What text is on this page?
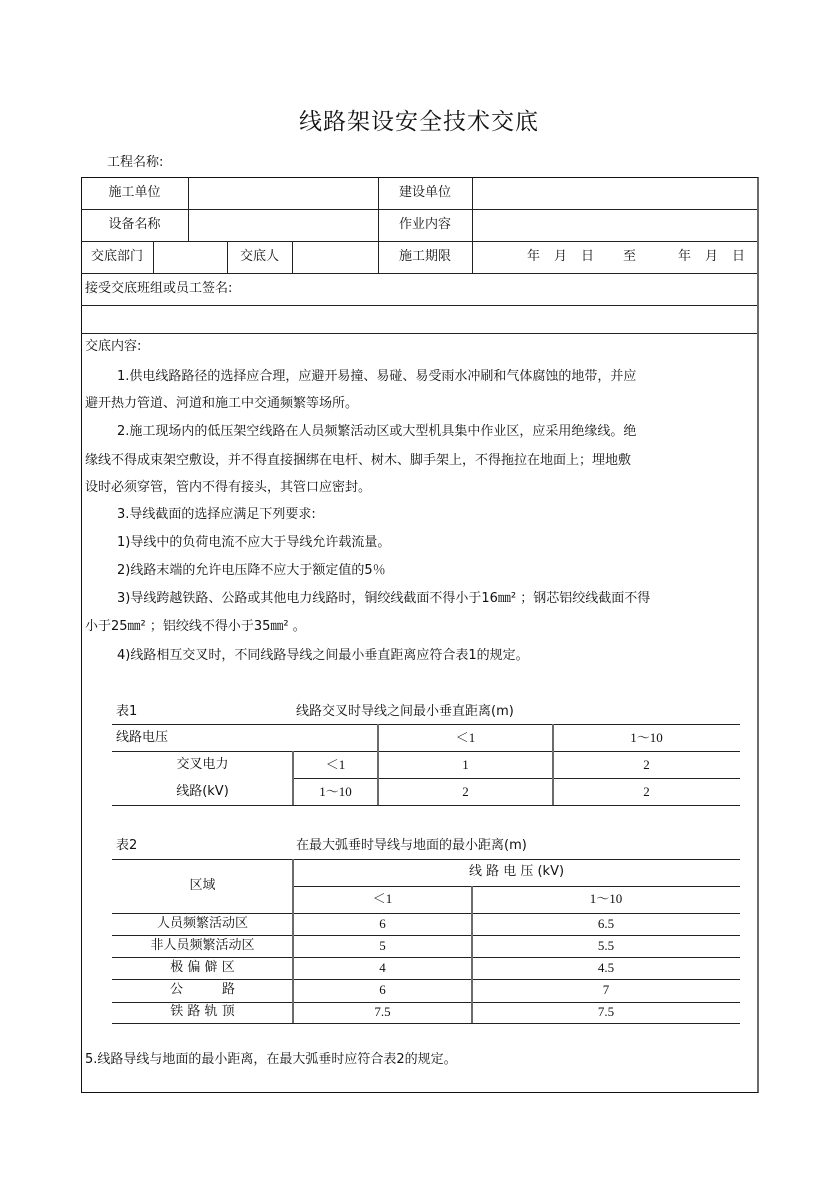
线路架设安全技术交底
工程名称:
施工单位	建设单位
设备名称	作业内容
交底部门	交底人	施工期限	年 月 日 至	年 月 日
接受交底班组或员工签名:
交底内容:
1.供电线路路径的选择应合理，应避开易撞、易碰、易受雨水冲刷和气体腐蚀的地带，并应
避开热力管道、河道和施工中交通频繁等场所。
2.施工现场内的低压架空线路在人员频繁活动区或大型机具集中作业区，应采用绝缘线。绝
缘线不得成束架空敷设，并不得直接捆绑在电杆、树木、脚手架上，不得拖拉在地面上；埋地敷
设时必须穿管，管内不得有接头，其管口应密封。
3.导线截面的选择应满足下列要求:
1)导线中的负荷电流不应大于导线允许载流量。
2)线路末端的允许电压降不应大于额定值的5％
3)导线跨越铁路、公路或其他电力线路时，铜绞线截面不得小于16㎜² ；钢芯铝绞线截面不得
小于25㎜² ；铝绞线不得小于35㎜² 。
4)线路相互交叉时，不同线路导线之间最小垂直距离应符合表1的规定。
表1	线路交叉时导线之间最小垂直距离(m)
线路电压	＜1	1～10
交叉电力	＜1	1	2
线路(kV)	1～10	2	2
表2	在最大弧垂时导线与地面的最小距离(m)
区域
线 路 电 压 (kV)
＜1	1～10
人员频繁活动区	6	6.5
非人员频繁活动区	5	5.5
极 偏 僻 区	4	4.5
公　　　路	6	7
铁 路 轨 顶	7.5	7.5
5.线路导线与地面的最小距离，在最大弧垂时应符合表2的规定。
